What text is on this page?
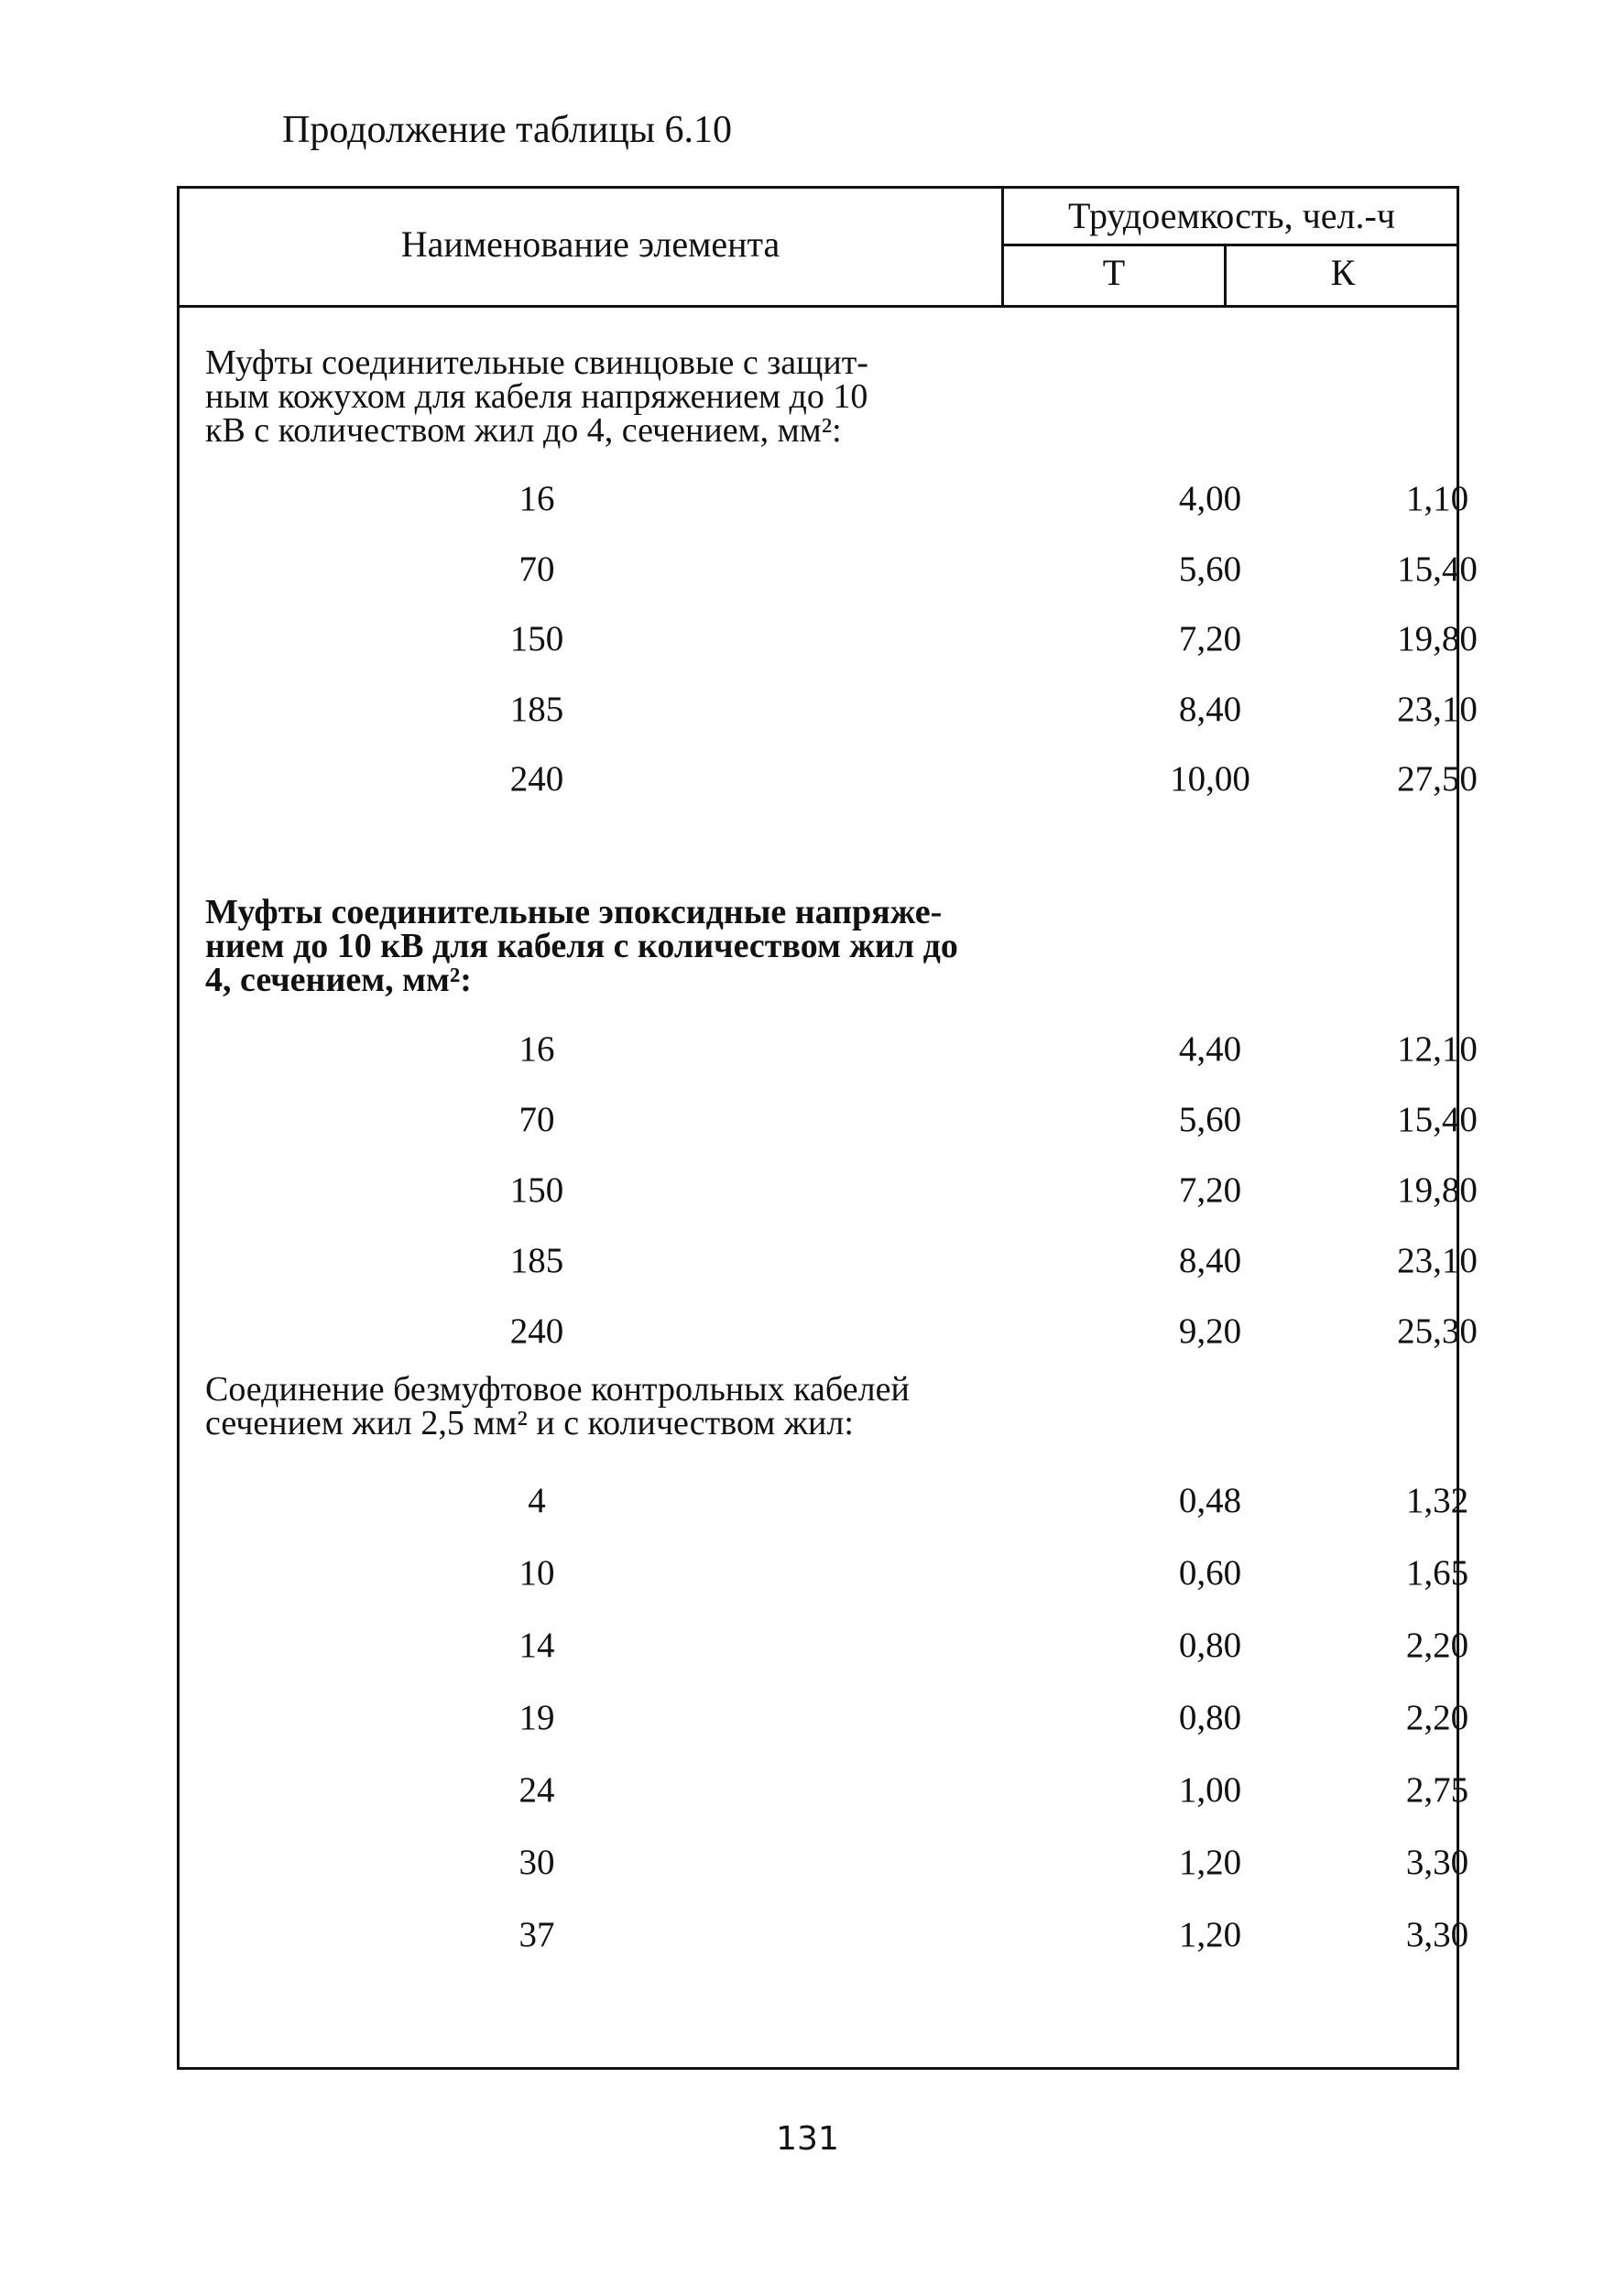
Продолжение таблицы 6.10
Наименование элемента
Трудоемкость, чел.-ч
Т	К
Муфты соединительные свинцовые с защит-
ным кожухом для кабеля напряжением до 10
кВ с количеством жил до 4, сечением, мм²:
16	4,00	1,10
70	5,60	15,40
150	7,20	19,80
185	8,40	23,10
240	10,00	27,50
Муфты соединительные эпоксидные напряже-
нием до 10 кВ для кабеля с количеством жил до
4, сечением, мм²:
16	4,40	12,10
70	5,60	15,40
150	7,20	19,80
185	8,40	23,10
240	9,20	25,30
Соединение безмуфтовое контрольных кабелей
сечением жил 2,5 мм² и с количеством жил:
4	0,48	1,32
10	0,60	1,65
14	0,80	2,20
19	0,80	2,20
24	1,00	2,75
30	1,20	3,30
37	1,20	3,30
131
